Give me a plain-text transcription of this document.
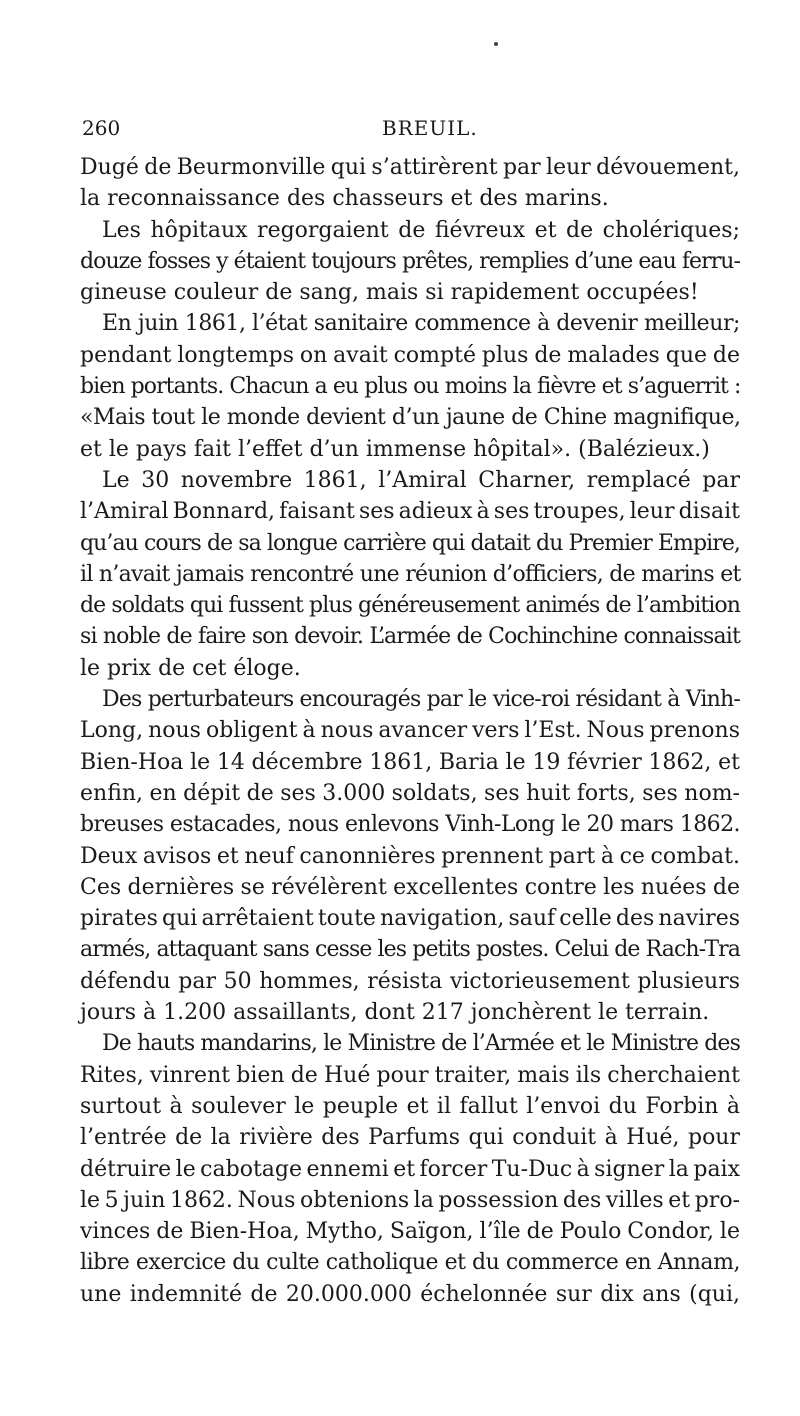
260	BREUIL.
Dugé de Beurmonville qui s’attirèrent par leur dévouement,
la reconnaissance des chasseurs et des marins.
Les hôpitaux regorgaient de fiévreux et de cholériques;
douze fosses y étaient toujours prêtes, remplies d’une eau ferru-
gineuse couleur de sang, mais si rapidement occupées!
En juin 1861, l’état sanitaire commence à devenir meilleur;
pendant longtemps on avait compté plus de malades que de
bien portants. Chacun a eu plus ou moins la fièvre et s’aguerrit :
«Mais tout le monde devient d’un jaune de Chine magnifique,
et le pays fait l’effet d’un immense hôpital». (Balézieux.)
Le 30 novembre 1861, l’Amiral Charner, remplacé par
l’Amiral Bonnard, faisant ses adieux à ses troupes, leur disait
qu’au cours de sa longue carrière qui datait du Premier Empire,
il n’avait jamais rencontré une réunion d’officiers, de marins et
de soldats qui fussent plus généreusement animés de l’ambition
si noble de faire son devoir. L’armée de Cochinchine connaissait
le prix de cet éloge.
Des perturbateurs encouragés par le vice-roi résidant à Vinh-
Long, nous obligent à nous avancer vers l’Est. Nous prenons
Bien-Hoa le 14 décembre 1861, Baria le 19 février 1862, et
enfin, en dépit de ses 3.000 soldats, ses huit forts, ses nom-
breuses estacades, nous enlevons Vinh-Long le 20 mars 1862.
Deux avisos et neuf canonnières prennent part à ce combat.
Ces dernières se révélèrent excellentes contre les nuées de
pirates qui arrêtaient toute navigation, sauf celle des navires
armés, attaquant sans cesse les petits postes. Celui de Rach-Tra
défendu par 50 hommes, résista victorieusement plusieurs
jours à 1.200 assaillants, dont 217 jonchèrent le terrain.
De hauts mandarins, le Ministre de l’Armée et le Ministre des
Rites, vinrent bien de Hué pour traiter, mais ils cherchaient
surtout à soulever le peuple et il fallut l’envoi du Forbin à
l’entrée de la rivière des Parfums qui conduit à Hué, pour
détruire le cabotage ennemi et forcer Tu-Duc à signer la paix
le 5 juin 1862. Nous obtenions la possession des villes et pro-
vinces de Bien-Hoa, Mytho, Saïgon, l’île de Poulo Condor, le
libre exercice du culte catholique et du commerce en Annam,
une indemnité de 20.000.000 échelonnée sur dix ans (qui,
